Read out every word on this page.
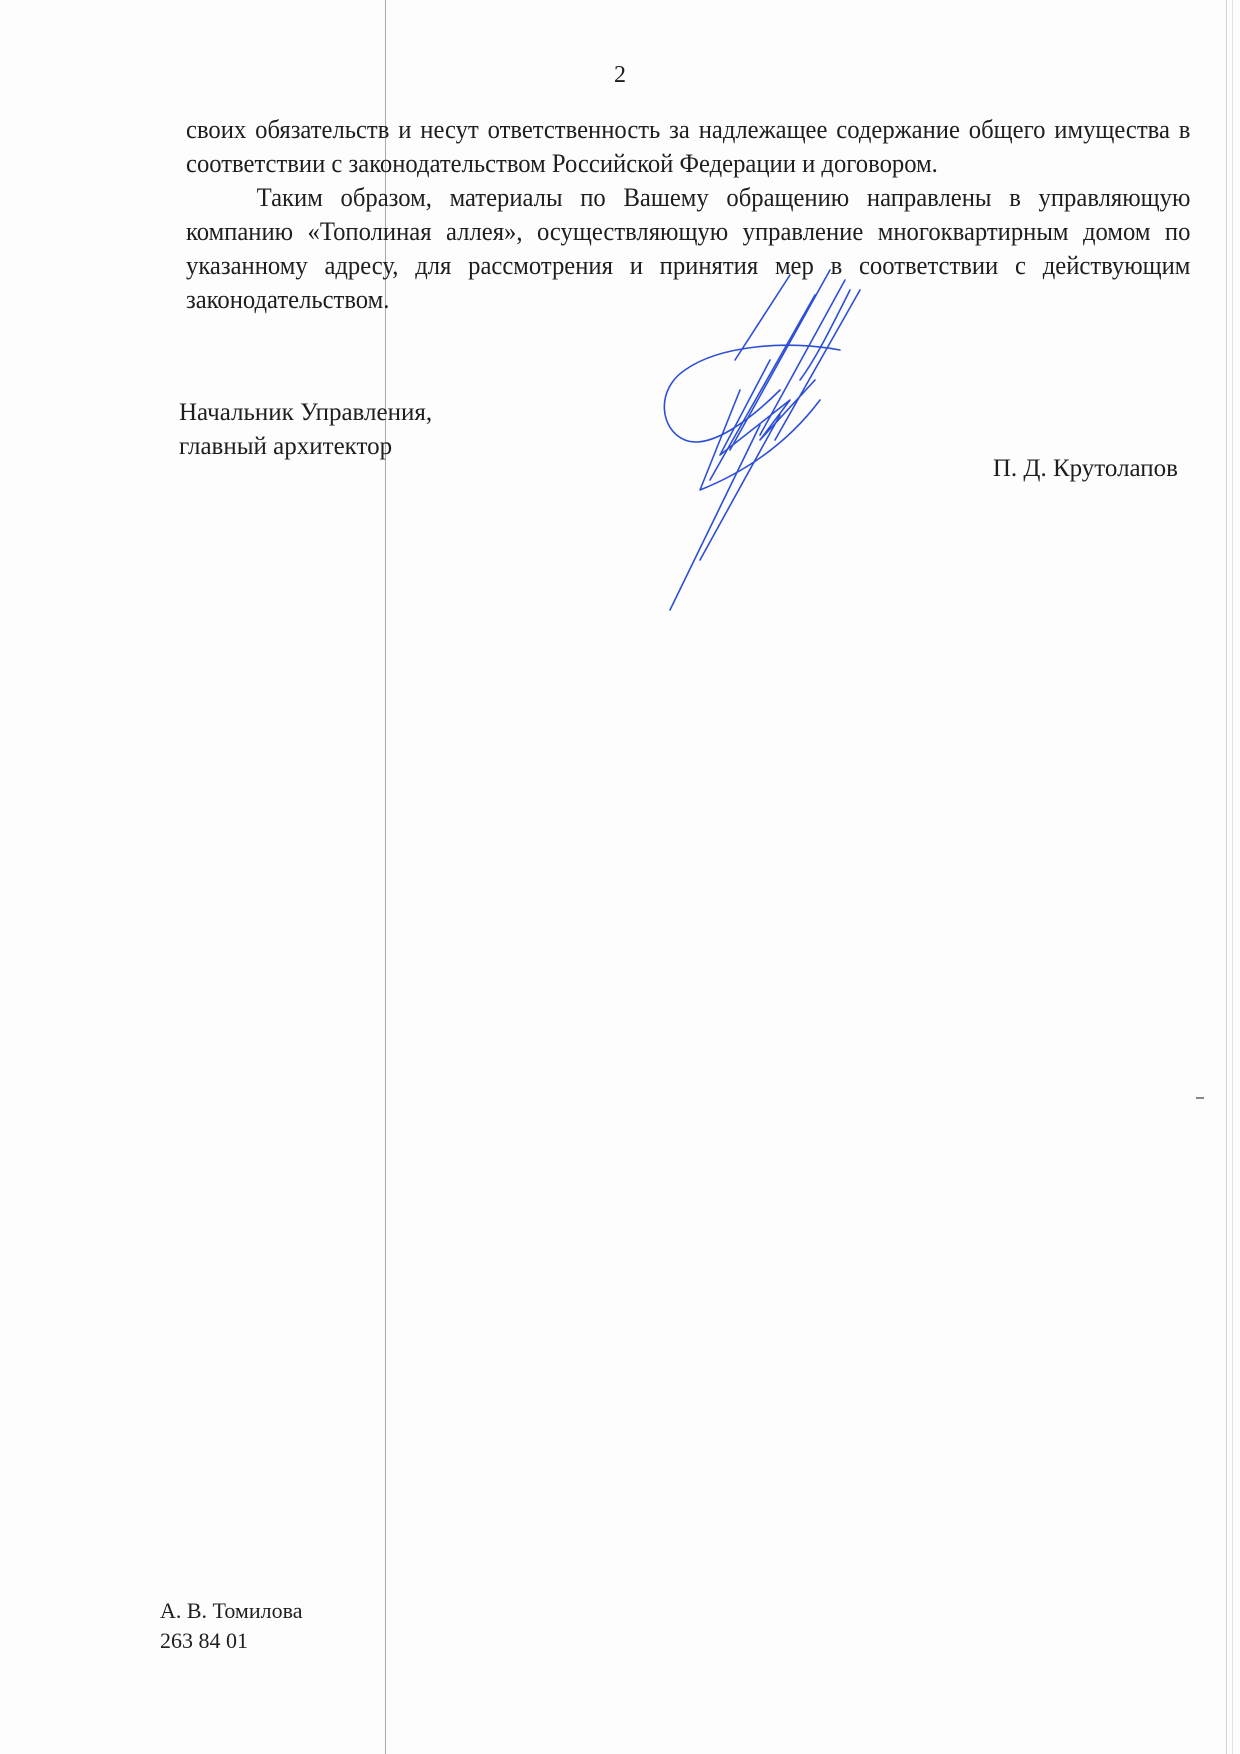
2

своих обязательств и несут ответственность за надлежащее содержание общего имущества в соответствии с законодательством Российской Федерации и договором.

Таким образом, материалы по Вашему обращению направлены в управляющую компанию «Тополиная аллея», осуществляющую управление многоквартирным домом по указанному адресу, для рассмотрения и принятия мер в соответствии с действующим законодательством.

Начальник Управления,
главный архитектор
П. Д. Крутолапов
А. В. Томилова
263 84 01
